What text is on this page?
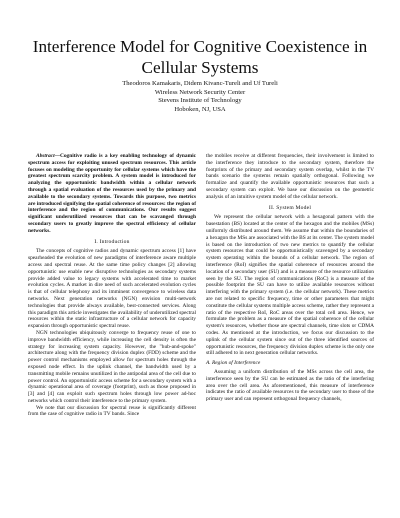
Interference Model for Cognitive Coexistence in Cellular Systems
Theodoros Kamakaris, Didem Kivanc-Tureli and Uf Tureli
Wireless Network Security Center
Stevens Institute of Technology
Hoboken, NJ, USA

Abstract—Cognitive radio is a key enabling technology of dynamic spectrum access for exploiting unused spectrum resources. This article focuses on modeling the opportunity for cellular systems which have the greatest spectrum scarcity problem. A system model is introduced for analyzing the opportunistic bandwidth within a cellular network through a spatial evaluation of the resources used by the primary and available to the secondary systems. Towards this purpose, two metrics are introduced signifying the spatial coherence of resources: the region of interference and the region of communications. Our results suggest significant underutilized resources that can be scavanged through secondary users to greatly improve the spectral efficiency of cellular networks.

I. Introduction

The concepts of cognitive radios and dynamic spectrum access [1] have spearheaded the evolution of new paradigms of interference aware multiple access and spectral reuse. At the same time policy changes [2] allowing opportunistic use enable new disruptive technologies as secondary systems provide added value to legacy systems with accelerated time to market evolution cycles. A market in dire need of such accelerated evolution cycles is that of cellular telephony and its imminent convergence to wireless data networks. Next generation networks (NGN) envision multi-network technologies that provide always available, best-connected services. Along this paradigm this article investigates the availability of underutilized spectral resources within the static infrastructure of a cellular network for capacity expansion through opportunistic spectral reuse.

NGN technologies ubiquitously converge to frequency reuse of one to improve bandwidth efficiency, while increasing the cell density is often the strategy for increasing system capacity. However, the "hub-and-spoke" architecture along with the frequency division duplex (FDD) scheme and the power control mechanisms employed allow for spectrum holes through the exposed node effect. In the uplink channel, the bandwidth used by a transmitting mobile remains unutilized in the antipodal area of the cell due to power control. An opportunistic access scheme for a secondary system with a dynamic operational area of coverage (footprint), such as those proposed in [3] and [4] can exploit such spectrum holes through low power ad-hoc networks which control their interference to the primary system.

We note that our discussion for spectral reuse is significantly different from the case of cognitive radio in TV bands. Since

the mobiles receive at different frequencies, their involvement is limited to the interference they introduce to the secondary system, therefore the footprints of the primary and secondary system overlap, whilst in the TV bands scenario the systems remain spatially orthogonal. Following we formalize and quantify the available opportunistic resources that such a secondary system can exploit. We base our discussion on the geometric analysis of an intuitive system model of the cellular network.

II. System Model

We represent the cellular network with a hexagonal pattern with the basestation (BS) located at the center of the hexagon and the mobiles (MSs) uniformly distributed around them. We assume that within the boundaries of a hexagon the MSs are associated with the BS at its center. The system model is based on the introduction of two new metrics to quantify the cellular system resources that could be opportunistically scavenged by a secondary system operating within the bounds of a cellular network. The region of interference (RoI) signifies the spatial coherence of resources around the location of a secondary user (SU) and is a measure of the resource utilization seen by the SU. The region of communications (RoC) is a measure of the possible footprint the SU can have to utilize available resources without interfering with the primary system (i.e. the cellular network). These metrics are not related to specific frequency, time or other parameters that might constitute the cellular systems multiple access scheme, rather they represent a ratio of the respective RoI, RoC areas over the total cell area. Hence, we formulate the problem as a measure of the spatial coherence of the cellular system's resources, whether those are spectral channels, time slots or CDMA codes. As mentioned at the introduction, we focus our discussion to the uplink of the cellular system since out of the three identified sources of opportunistic resources, the frequency division duplex scheme is the only one still adhered to in next generation cellular networks.

A. Region of Interference

Assuming a uniform distribution of the MSs across the cell area, the interference seen by the SU can be estimated as the ratio of the interfering area over the cell area. As aforementioned, this measure of interference indicates the ratio of available resources to the secondary user to those of the primary user and can represent orthogonal frequency channels,
